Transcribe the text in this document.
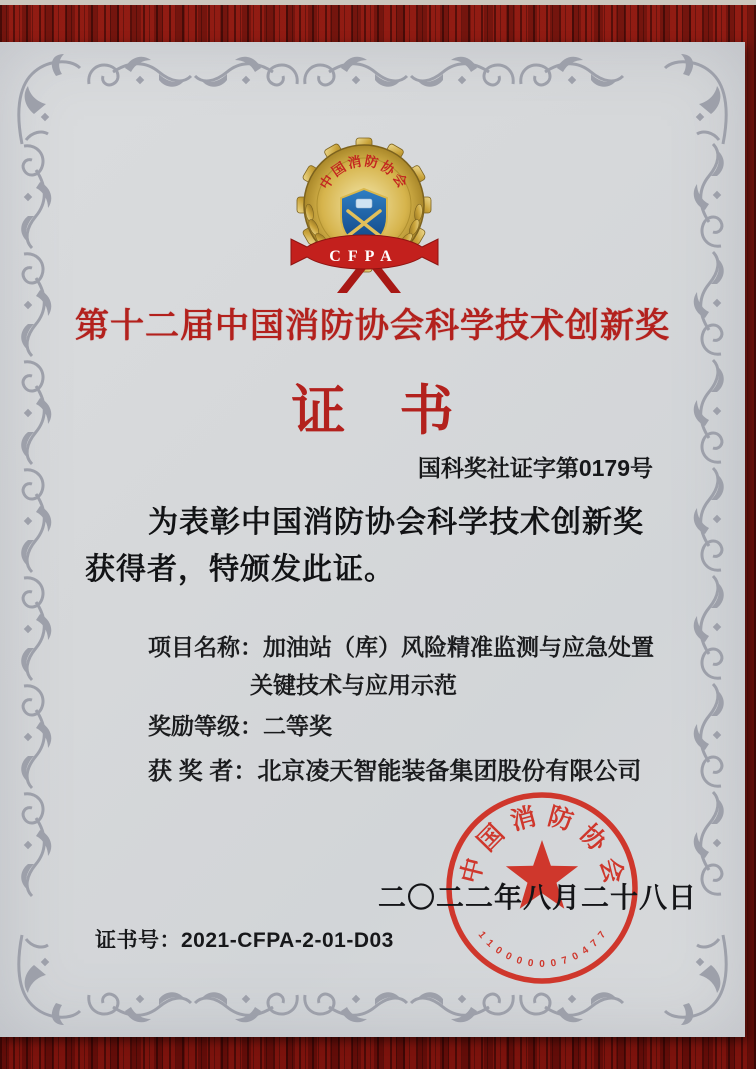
中国消防协会
CFPA
第十二届中国消防协会科学技术创新奖
证　书
国科奖社证字第0179号
为表彰中国消防协会科学技术创新奖
获得者，特颁发此证。
项目名称：加油站（库）风险精准监测与应急处置
关键技术与应用示范
奖励等级：二等奖
获 奖 者：北京凌天智能装备集团股份有限公司
中
国
消 防
协
会
1
1
0 0 0 0 0 0 7 0 4
7
7
二〇二二年八月二十八日
证书号：2021-CFPA-2-01-D03
